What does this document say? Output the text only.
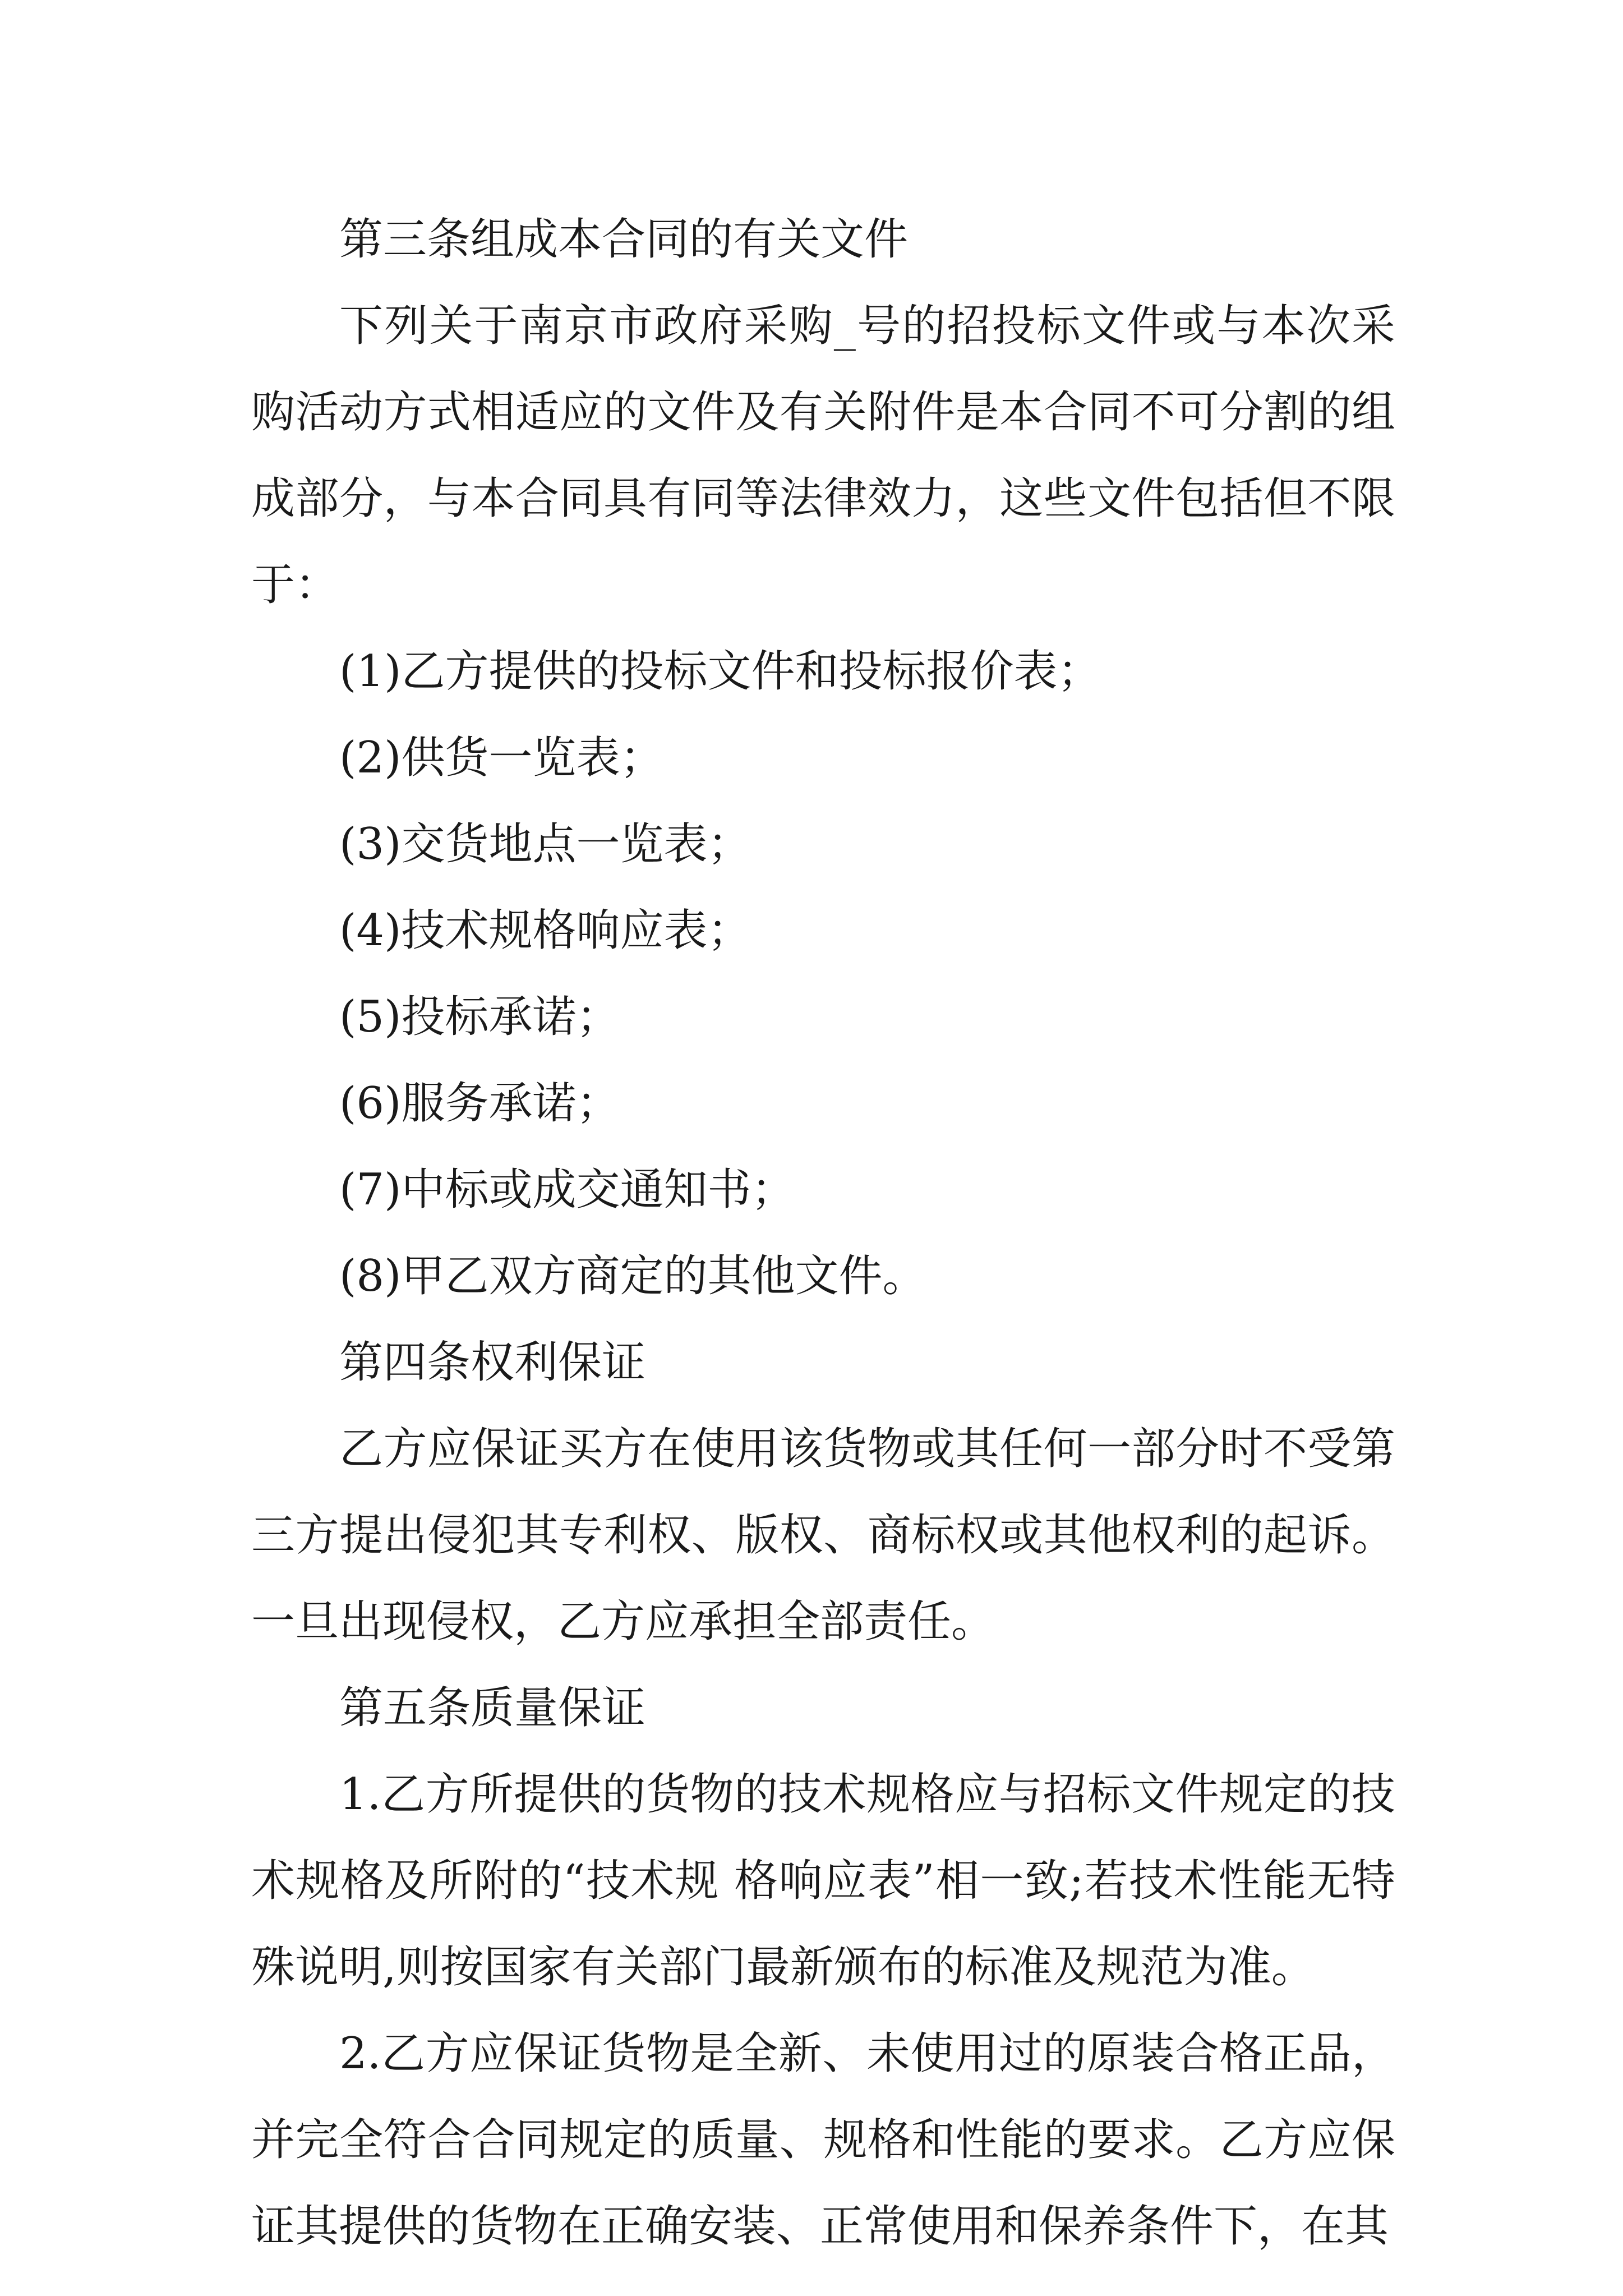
第三条组成本合同的有关文件

下列关于南京市政府采购_号的招投标文件或与本次采购活动方式相适应的文件及有关附件是本合同不可分割的组成部分，与本合同具有同等法律效力，这些文件包括但不限于：

(1)乙方提供的投标文件和投标报价表；

(2)供货一览表；

(3)交货地点一览表；

(4)技术规格响应表；

(5)投标承诺；

(6)服务承诺；

(7)中标或成交通知书；

(8)甲乙双方商定的其他文件。

第四条权利保证

乙方应保证买方在使用该货物或其任何一部分时不受第三方提出侵犯其专利权、版权、商标权或其他权利的起诉。一旦出现侵权，乙方应承担全部责任。

第五条质量保证

1.乙方所提供的货物的技术规格应与招标文件规定的技术规格及所附的“技术规 格响应表”相一致;若技术性能无特殊说明,则按国家有关部门最新颁布的标准及规范为准。

2.乙方应保证货物是全新、未使用过的原装合格正品，并完全符合合同规定的质量、规格和性能的要求。乙方应保证其提供的货物在正确安装、正常使用和保养条件下，在其
